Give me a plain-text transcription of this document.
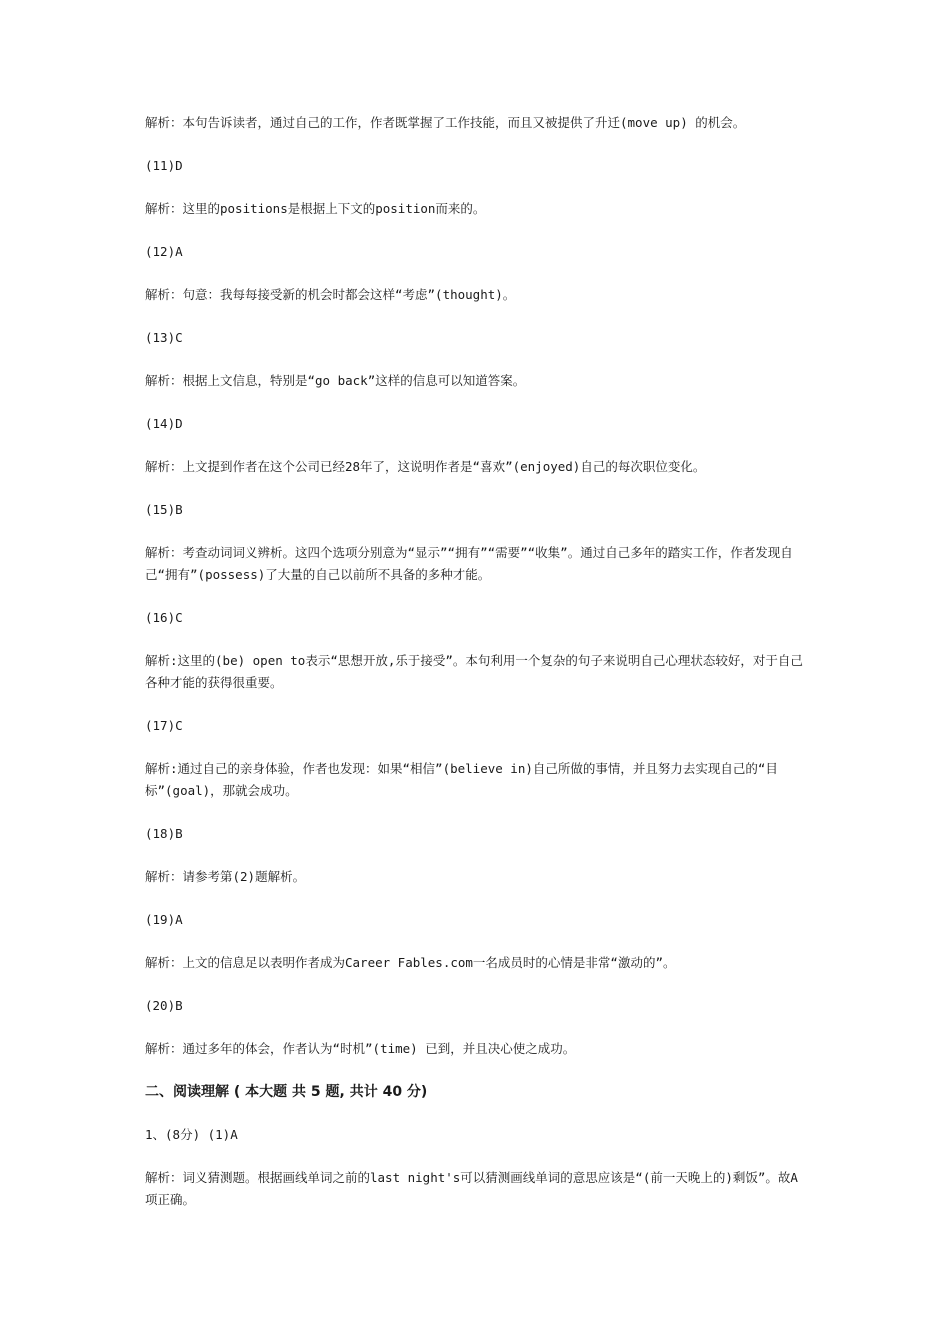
解析：本句告诉读者，通过自己的工作，作者既掌握了工作技能，而且又被提供了升迁(move up) 的机会。

(11)D

解析：这里的positions是根据上下文的position而来的。

(12)A

解析：句意：我每每接受新的机会时都会这样“考虑”(thought)。

(13)C

解析：根据上文信息，特别是“go back”这样的信息可以知道答案。

(14)D

解析：上文提到作者在这个公司已经28年了，这说明作者是“喜欢”(enjoyed)自己的每次职位变化。

(15)B

解析：考查动词词义辨析。这四个选项分别意为“显示”“拥有”“需要”“收集”。通过自己多年的踏实工作，作者发现自己“拥有”(possess)了大量的自己以前所不具备的多种才能。

(16)C

解析:这里的(be) open to表示“思想开放,乐于接受”。本句利用一个复杂的句子来说明自己心理状态较好，对于自己各种才能的获得很重要。

(17)C

解析:通过自己的亲身体验，作者也发现：如果“相信”(believe in)自己所做的事情，并且努力去实现自己的“目标”(goal)，那就会成功。

(18)B

解析：请参考第(2)题解析。

(19)A

解析：上文的信息足以表明作者成为Career Fables.com一名成员时的心情是非常“激动的”。

(20)B

解析：通过多年的体会，作者认为“时机”(time) 已到，并且决心使之成功。

二、阅读理解 ( 本大题 共 5 题, 共计 40 分)

1、(8分) (1)A

解析：词义猜测题。根据画线单词之前的last night's可以猜测画线单词的意思应该是“(前一天晚上的)剩饭”。故A项正确。
